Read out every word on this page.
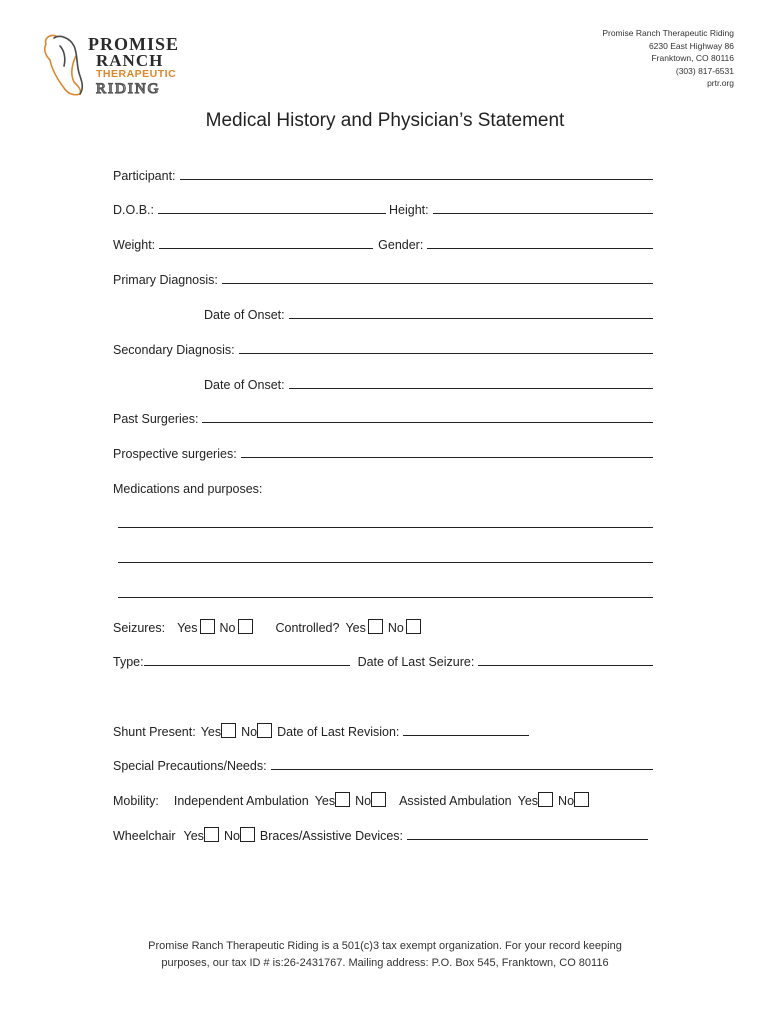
PROMISE
RANCH
THERAPEUTIC
RIDING
Promise Ranch Therapeutic Riding
6230 East Highway 86
Franktown, CO 80116
(303) 817-6531
prtr.org
Medical History and Physician’s Statement
Participant:
D.O.B.:	Height:
Weight:	Gender:
Primary Diagnosis:
Date of Onset:
Secondary Diagnosis:
Date of Onset:
Past Surgeries:
Prospective surgeries:
Medications and purposes:
Seizures: Yes No	Controlled? Yes No
Type:	Date of Last Seizure:
Shunt Present: Yes No Date of Last Revision:
Special Precautions/Needs:
Mobility: Independent Ambulation Yes No Assisted Ambulation Yes No
Wheelchair Yes No Braces/Assistive Devices:
Promise Ranch Therapeutic Riding is a 501(c)3 tax exempt organization. For your record keeping
purposes, our tax ID # is:26-2431767. Mailing address: P.O. Box 545, Franktown, CO 80116
